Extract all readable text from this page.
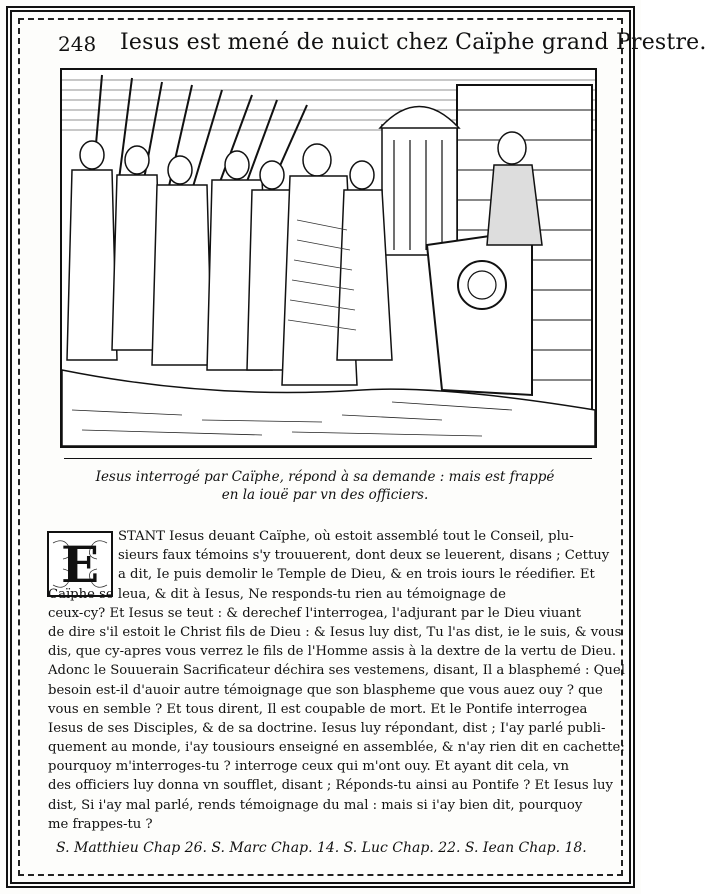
248 Iesus est mené de nuict chez Caïphe grand Prestre.
Iesus interrogé par Caïphe, répond à sa demande : mais est frappé
en la iouë par vn des officiers.
E	STANT Iesus deuant Caïphe, où estoit assemblé tout le Conseil, plu-
sieurs faux témoins s'y trouuerent, dont deux se leuerent, disans ; Cettuy
a dit, Ie puis demolir le Temple de Dieu, & en trois iours le réedifier. Et
Caïphe se leua, & dit à Iesus, Ne responds-tu rien au témoignage de
ceux-cy? Et Iesus se teut : & derechef l'interrogea, l'adjurant par le Dieu viuant
de dire s'il estoit le Christ fils de Dieu : & Iesus luy dist, Tu l'as dist, ie le suis, & vous
dis, que cy-apres vous verrez le fils de l'Homme assis à la dextre de la vertu de Dieu.
Adonc le Souuerain Sacrificateur déchira ses vestemens, disant, Il a blasphemé : Quel
besoin est-il d'auoir autre témoignage que son blaspheme que vous auez ouy ? que
vous en semble ? Et tous dirent, Il est coupable de mort. Et le Pontife interrogea
Iesus de ses Disciples, & de sa doctrine. Iesus luy répondant, dist ; I'ay parlé publi-
quement au monde, i'ay tousiours enseigné en assemblée, & n'ay rien dit en cachette:
pourquoy m'interroges-tu ? interroge ceux qui m'ont ouy. Et ayant dit cela, vn
des officiers luy donna vn soufflet, disant ; Réponds-tu ainsi au Pontife ? Et Iesus luy
dist, Si i'ay mal parlé, rends témoignage du mal : mais si i'ay bien dit, pourquoy
me frappes-tu ?
S. Matthieu Chap 26. S. Marc Chap. 14. S. Luc Chap. 22. S. Iean Chap. 18.
